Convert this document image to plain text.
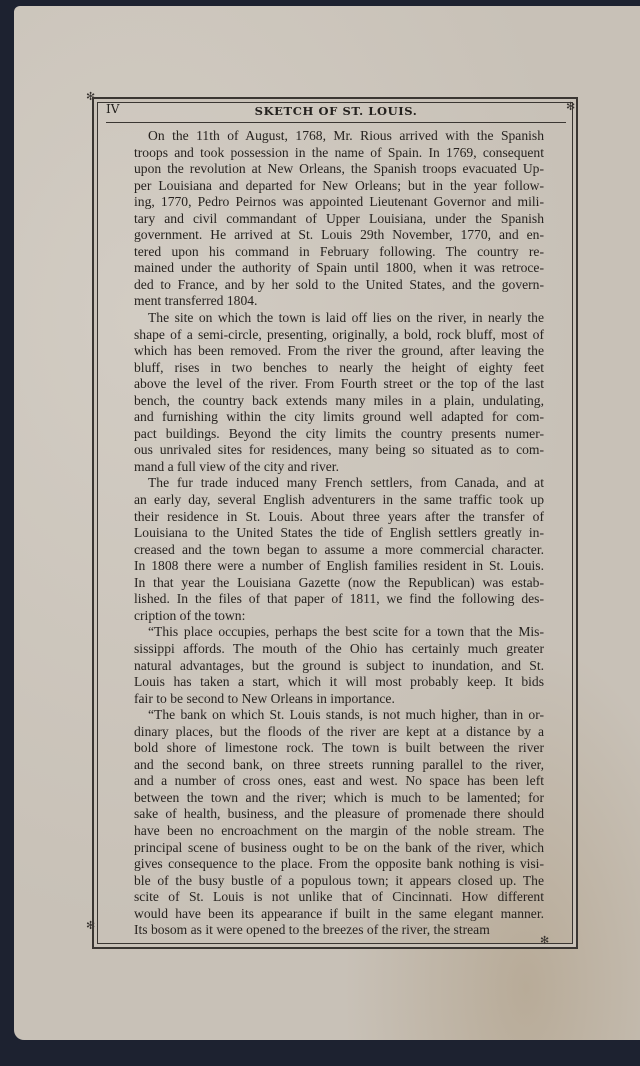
✻
✻
✻
✻
IV	SKETCH OF ST. LOUIS.
On the 11th of August, 1768, Mr. Rious arrived with the Spanish
troops and took possession in the name of Spain. In 1769, consequent
upon the revolution at New Orleans, the Spanish troops evacuated Up-
per Louisiana and departed for New Orleans; but in the year follow-
ing, 1770, Pedro Peirnos was appointed Lieutenant Governor and mili-
tary and civil commandant of Upper Louisiana, under the Spanish
government. He arrived at St. Louis 29th November, 1770, and en-
tered upon his command in February following. The country re-
mained under the authority of Spain until 1800, when it was retroce-
ded to France, and by her sold to the United States, and the govern-
ment transferred 1804.
The site on which the town is laid off lies on the river, in nearly the
shape of a semi-circle, presenting, originally, a bold, rock bluff, most of
which has been removed. From the river the ground, after leaving the
bluff, rises in two benches to nearly the height of eighty feet
above the level of the river. From Fourth street or the top of the last
bench, the country back extends many miles in a plain, undulating,
and furnishing within the city limits ground well adapted for com-
pact buildings. Beyond the city limits the country presents numer-
ous unrivaled sites for residences, many being so situated as to com-
mand a full view of the city and river.
The fur trade induced many French settlers, from Canada, and at
an early day, several English adventurers in the same traffic took up
their residence in St. Louis. About three years after the transfer of
Louisiana to the United States the tide of English settlers greatly in-
creased and the town began to assume a more commercial character.
In 1808 there were a number of English families resident in St. Louis.
In that year the Louisiana Gazette (now the Republican) was estab-
lished. In the files of that paper of 1811, we find the following des-
cription of the town:
“This place occupies, perhaps the best scite for a town that the Mis-
sissippi affords. The mouth of the Ohio has certainly much greater
natural advantages, but the ground is subject to inundation, and St.
Louis has taken a start, which it will most probably keep. It bids
fair to be second to New Orleans in importance.
“The bank on which St. Louis stands, is not much higher, than in or-
dinary places, but the floods of the river are kept at a distance by a
bold shore of limestone rock. The town is built between the river
and the second bank, on three streets running parallel to the river,
and a number of cross ones, east and west. No space has been left
between the town and the river; which is much to be lamented; for
sake of health, business, and the pleasure of promenade there should
have been no encroachment on the margin of the noble stream. The
principal scene of business ought to be on the bank of the river, which
gives consequence to the place. From the opposite bank nothing is visi-
ble of the busy bustle of a populous town; it appears closed up. The
scite of St. Louis is not unlike that of Cincinnati. How different
would have been its appearance if built in the same elegant manner.
Its bosom as it were opened to the breezes of the river, the stream
